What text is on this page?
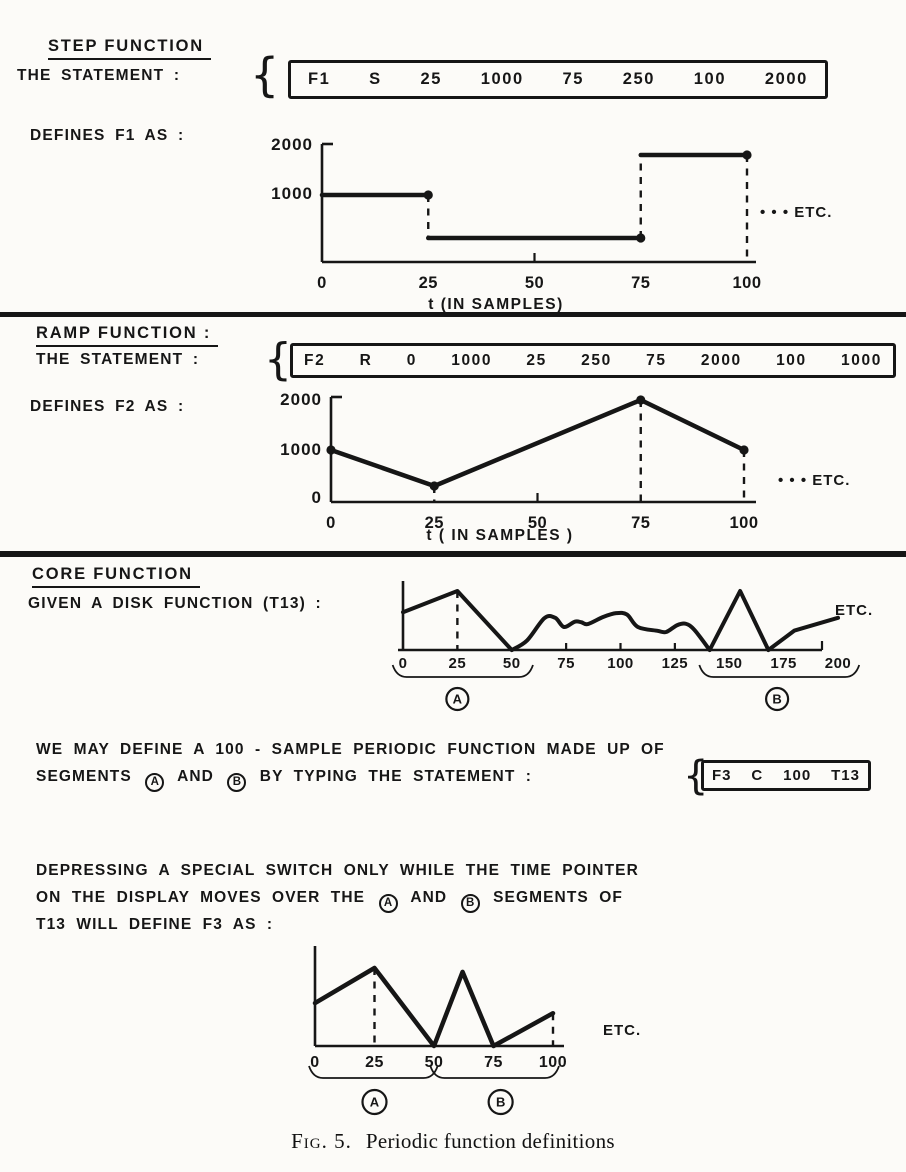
STEP FUNCTION
THE STATEMENT : { F1 S 25 1000 75 250 100 2000
DEFINES F1 AS :
0	25	50	75	100
2000
1000
t (IN SAMPLES)
• • • ETC.
RAMP FUNCTION :
THE STATEMENT : { F2 R 0 1000 25 250 75 2000 100 1000
DEFINES F2 AS :
0	25	50	75	100
2000
1000
0
t ( IN SAMPLES )
• • • ETC.
CORE FUNCTION
GIVEN A DISK FUNCTION (T13) :
0	25 50 75 100 125 150 175 200
A	B
ETC.
WE MAY DEFINE A 100 - SAMPLE PERIODIC FUNCTION MADE UP OF
SEGMENTS A AND B BY TYPING THE STATEMENT :	{ F3 C 100 T13
DEPRESSING A SPECIAL SWITCH ONLY WHILE THE TIME POINTER
ON THE DISPLAY MOVES OVER THE A AND B SEGMENTS OF
T13 WILL DEFINE F3 AS :
0	25	50	75 100
A	B
ETC.
Fig. 5. Periodic function definitions
